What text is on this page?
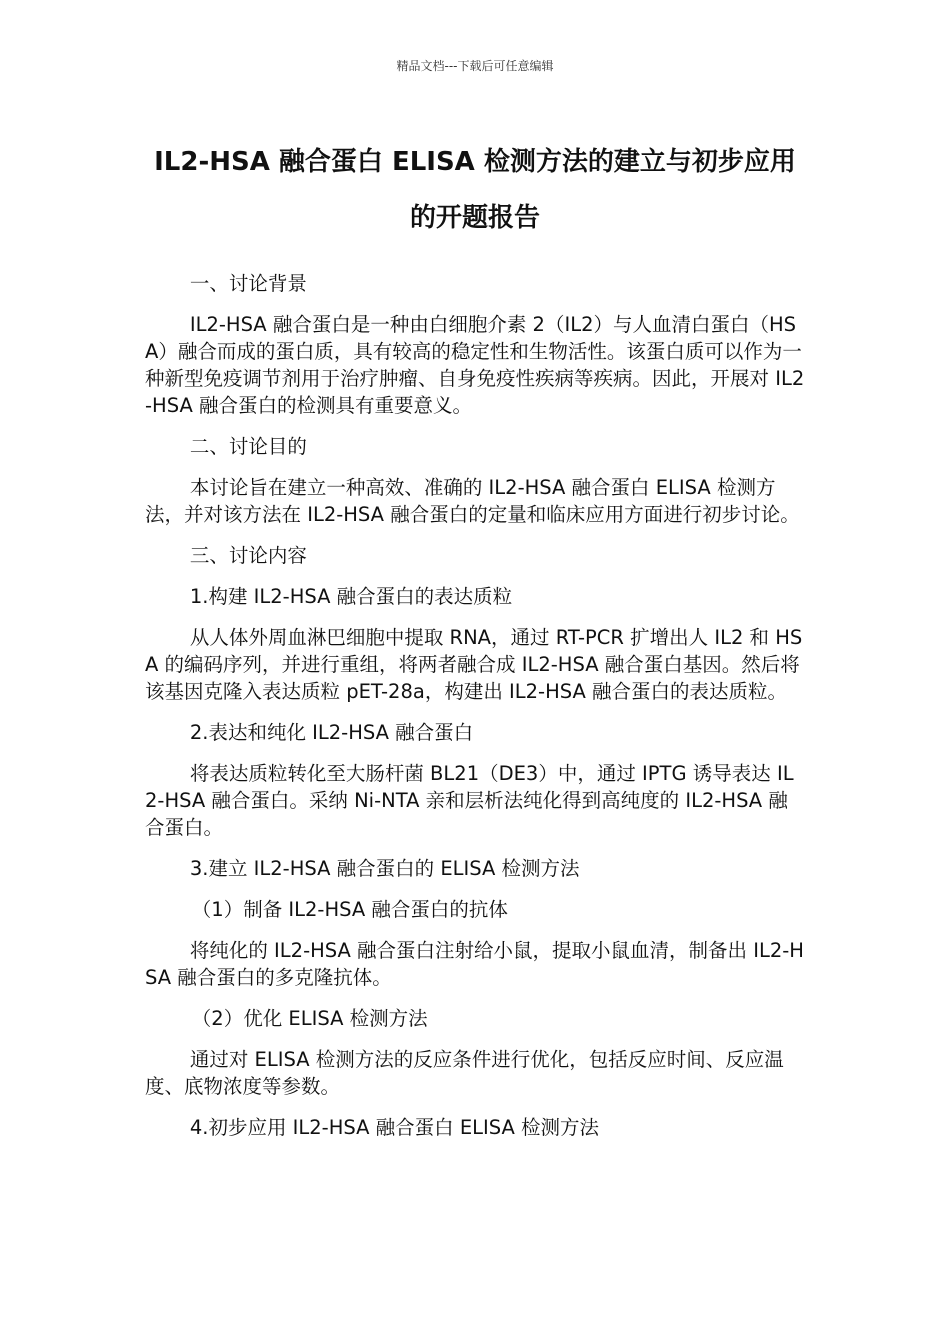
精品文档---下载后可任意编辑
IL2-HSA 融合蛋白 ELISA 检测方法的建立与初步应用的开题报告

一、讨论背景

IL2-HSA 融合蛋白是一种由白细胞介素 2（IL2）与人血清白蛋白（HSA）融合而成的蛋白质，具有较高的稳定性和生物活性。该蛋白质可以作为一种新型免疫调节剂用于治疗肿瘤、自身免疫性疾病等疾病。因此，开展对 IL2-HSA 融合蛋白的检测具有重要意义。

二、讨论目的

本讨论旨在建立一种高效、准确的 IL2-HSA 融合蛋白 ELISA 检测方法，并对该方法在 IL2-HSA 融合蛋白的定量和临床应用方面进行初步讨论。

三、讨论内容

1.构建 IL2-HSA 融合蛋白的表达质粒

从人体外周血淋巴细胞中提取 RNA，通过 RT-PCR 扩增出人 IL2 和 HSA 的编码序列，并进行重组，将两者融合成 IL2-HSA 融合蛋白基因。然后将该基因克隆入表达质粒 pET-28a，构建出 IL2-HSA 融合蛋白的表达质粒。

2.表达和纯化 IL2-HSA 融合蛋白

将表达质粒转化至大肠杆菌 BL21（DE3）中，通过 IPTG 诱导表达 IL2-HSA 融合蛋白。采纳 Ni-NTA 亲和层析法纯化得到高纯度的 IL2-HSA 融合蛋白。

3.建立 IL2-HSA 融合蛋白的 ELISA 检测方法

（1）制备 IL2-HSA 融合蛋白的抗体

将纯化的 IL2-HSA 融合蛋白注射给小鼠，提取小鼠血清，制备出 IL2-HSA 融合蛋白的多克隆抗体。

（2）优化 ELISA 检测方法

通过对 ELISA 检测方法的反应条件进行优化，包括反应时间、反应温度、底物浓度等参数。

4.初步应用 IL2-HSA 融合蛋白 ELISA 检测方法
